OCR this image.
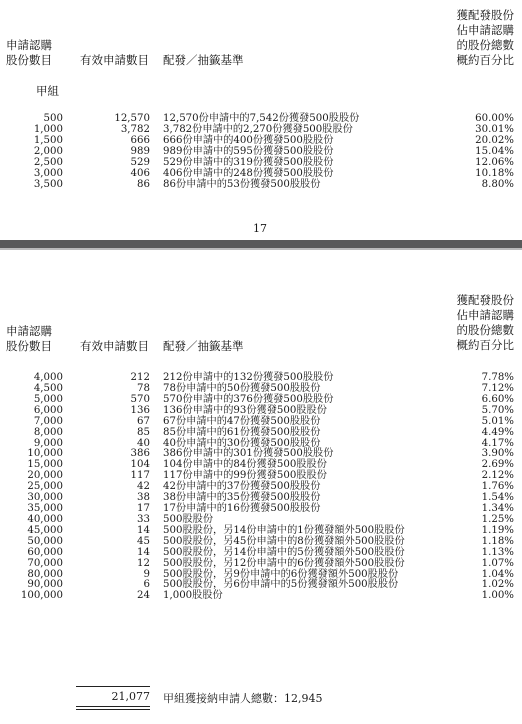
申請認購
股份數目 有效申請數目 配發／抽籤基準
獲配發股份
佔申請認購
的股份總數
概約百分比
甲組
500	12,570 12,570份申請中的7,542份獲發500股股份	60.00%
1,000	3,782 3,782份申請中的2,270份獲發500股股份	30.01%
1,500	666 666份申請中的400份獲發500股股份	20.02%
2,000	989 989份申請中的595份獲發500股股份	15.04%
2,500	529 529份申請中的319份獲發500股股份	12.06%
3,000	406 406份申請中的248份獲發500股股份	10.18%
3,500	86 86份申請中的53份獲發500股股份	8.80%
17
申請認購
股份數目 有效申請數目 配發／抽籤基準
獲配發股份
佔申請認購
的股份總數
概約百分比
4,000	212 212份申請中的132份獲發500股股份	7.78%
4,500	78 78份申請中的50份獲發500股股份	7.12%
5,000	570 570份申請中的376份獲發500股股份	6.60%
6,000	136 136份申請中的93份獲發500股股份	5.70%
7,000	67 67份申請中的47份獲發500股股份	5.01%
8,000	85 85份申請中的61份獲發500股股份	4.49%
9,000	40 40份申請中的30份獲發500股股份	4.17%
10,000	386 386份申請中的301份獲發500股股份	3.90%
15,000	104 104份申請中的84份獲發500股股份	2.69%
20,000	117 117份申請中的99份獲發500股股份	2.12%
25,000	42 42份申請中的37份獲發500股股份	1.76%
30,000	38 38份申請中的35份獲發500股股份	1.54%
35,000	17 17份申請中的16份獲發500股股份	1.34%
40,000	33 500股股份	1.25%
45,000	14 500股股份，另14份申請中的1份獲發額外500股股份	1.19%
50,000	45 500股股份，另45份申請中的8份獲發額外500股股份	1.18%
60,000	14 500股股份，另14份申請中的5份獲發額外500股股份	1.13%
70,000	12 500股股份，另12份申請中的6份獲發額外500股股份	1.07%
80,000	9 500股股份，另9份申請中的6份獲發額外500股股份	1.04%
90,000	6 500股股份，另6份申請中的5份獲發額外500股股份	1.02%
100,000	24 1,000股股份	1.00%
21,077 甲組獲接納申請人總數：12,945
